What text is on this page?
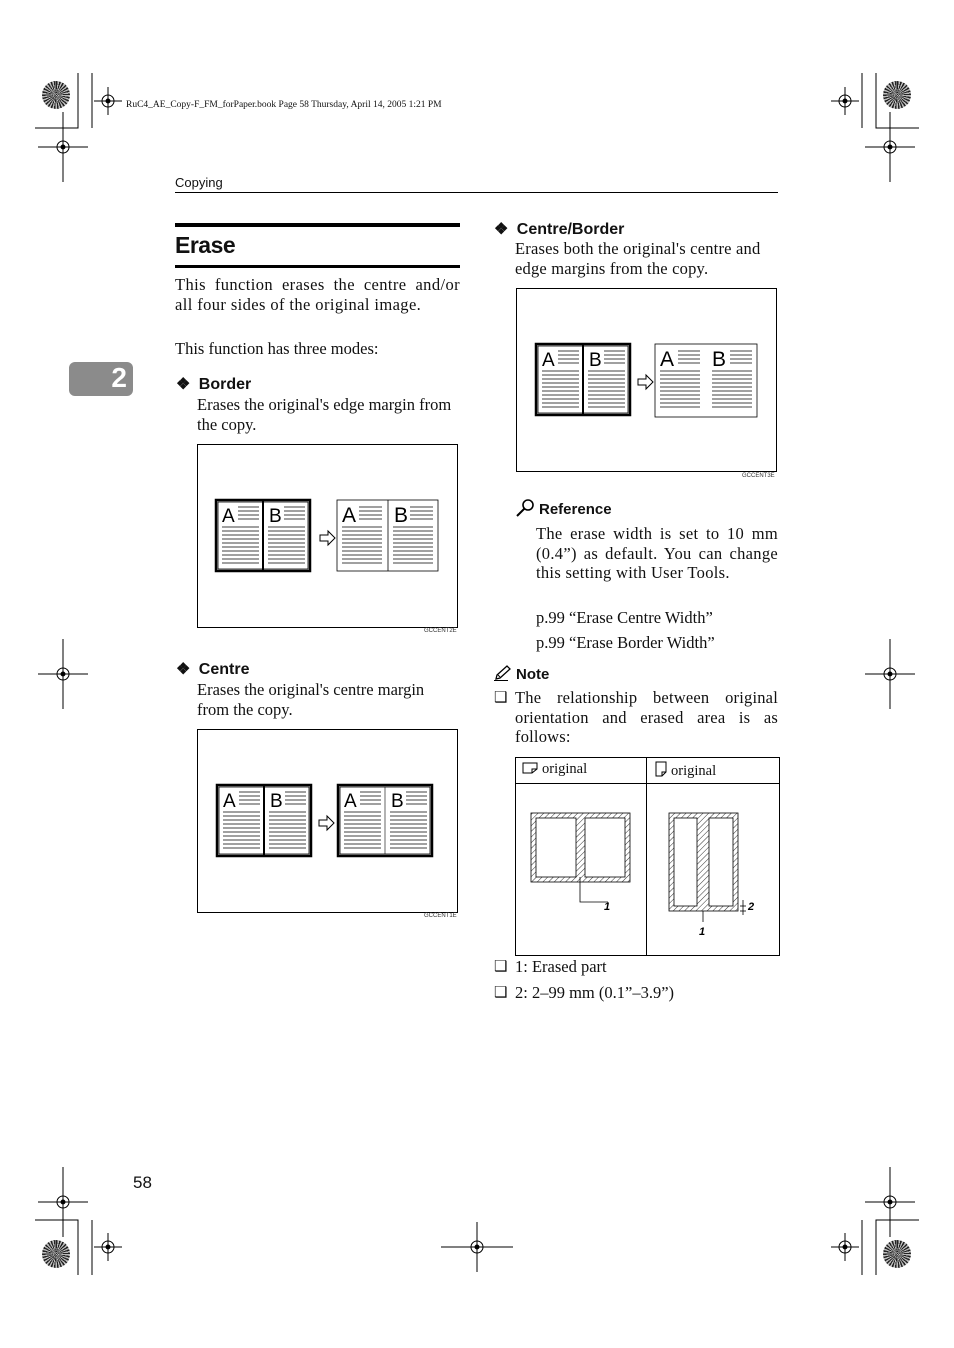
RuC4_AE_Copy-F_FM_forPaper.book Page 58 Thursday, April 14, 2005 1:21 PM
Copying
2
Erase

This function erases the centre and/or all four sides of the original image.

This function has three modes:

❖ Border

Erases the original's edge margin from the copy.

A B	A B
GCCENT2E
❖ Centre

Erases the original's centre margin from the copy.

A B	A B
GCCENT1E
❖ Centre/Border

Erases both the original's centre and edge margins from the copy.

A B	A B
GCCENT3E
Reference

The erase width is set to 10 mm (0.4”) as default. You can change this setting with User Tools.

p.99 “Erase Centre Width”

p.99 “Erase Border Width”

Note
❑ The relationship between original orientation and erased area is as follows:

original	original

1	1
2
❑ 1: Erased part

❑ 2: 2–99 mm (0.1”–3.9”)

58
